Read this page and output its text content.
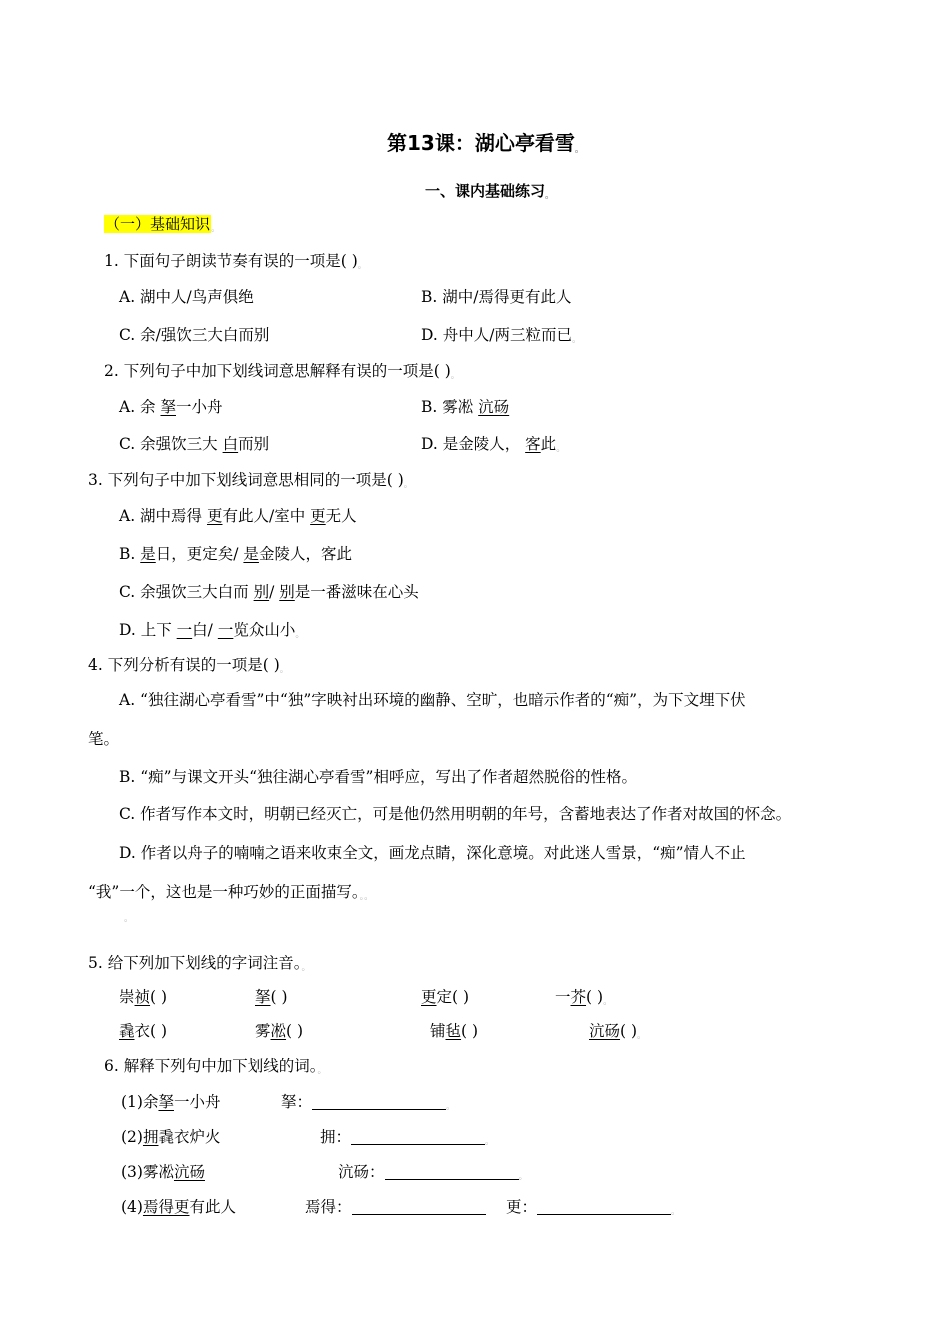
第13课：湖心亭看雪。
一、课内基础练习。
（一）基础知识。
1. 下面句子朗读节奏有误的一项是( )。
A. 湖中人/鸟声俱绝	B. 湖中/焉得更有此人
C. 余/强饮三大白而别	D. 舟中人/两三粒而已。
2. 下列句子中加下划线词意思解释有误的一项是( )。
A. 余 拏一小舟	B. 雾凇 沆砀
C. 余强饮三大 白而别	D. 是金陵人， 客此。
3. 下列句子中加下划线词意思相同的一项是( )。
A. 湖中焉得 更有此人/室中 更无人
B. 是日，更定矣/ 是金陵人，客此
C. 余强饮三大白而 别/ 别是一番滋味在心头
D. 上下 一白/ 一览众山小。
4. 下列分析有误的一项是( )。
A. “独往湖心亭看雪”中“独”字映衬出环境的幽静、空旷，也暗示作者的“痴”，为下文埋下伏
笔。
B. “痴”与课文开头“独往湖心亭看雪”相呼应，写出了作者超然脱俗的性格。
C. 作者写作本文时，明朝已经灭亡，可是他仍然用明朝的年号，含蓄地表达了作者对故国的怀念。
D. 作者以舟子的喃喃之语来收束全文，画龙点睛，深化意境。对此迷人雪景，“痴”情人不止
“我”一个，这也是一种巧妙的正面描写。。。
。
5. 给下列加下划线的字词注音。。
崇祯( )	拏( )	更定( )	一芥( )。
毳衣( )	雾凇( )	铺毡( )	沆砀( )。
6. 解释下列句中加下划线的词。。
(1)余拏一小舟	拏：	。
(2)拥毳衣炉火	拥：	。
(3)雾凇沆砀	沆砀：	。
(4)焉得更有此人	焉得：	更：	。
